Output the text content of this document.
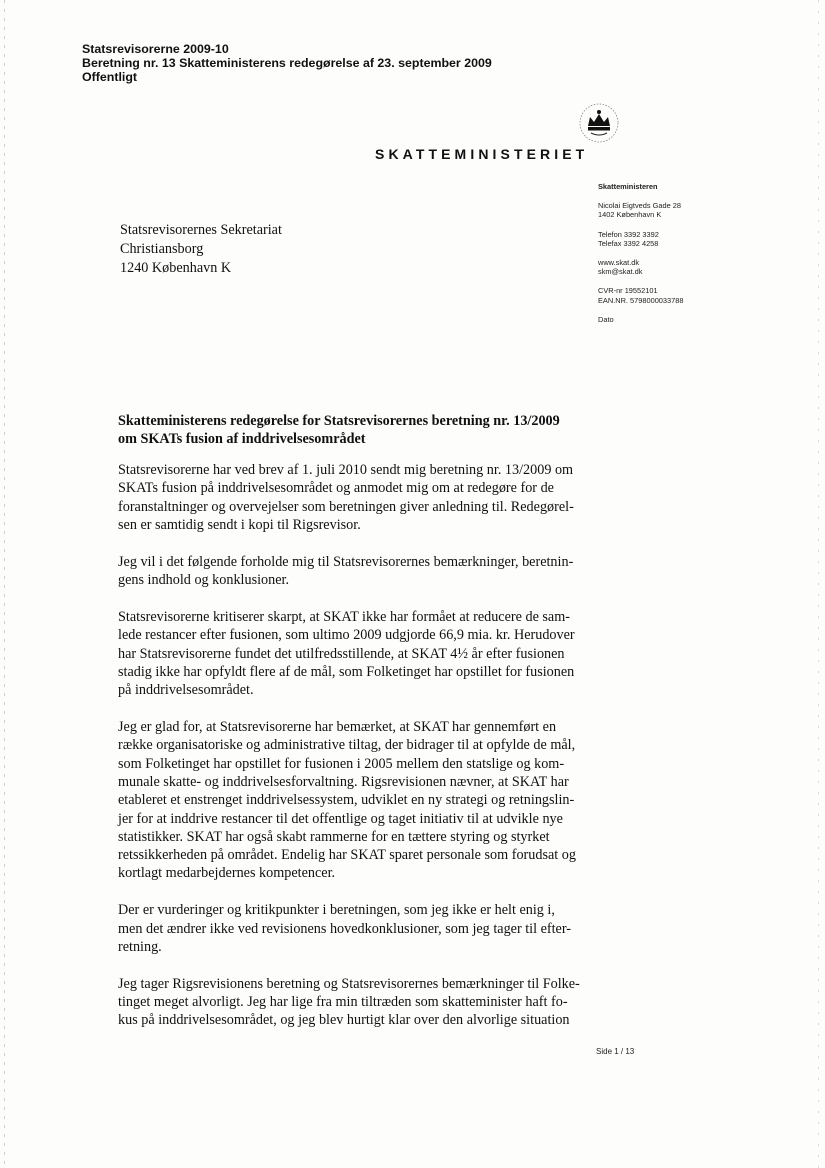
Statsrevisorerne 2009-10
Beretning nr. 13 Skatteministerens redegørelse af 23. september 2009
Offentligt
SKATTEMINISTERIET
Skatteministeren
Nicolai Eigtveds Gade 28
1402 København K
Telefon 3392 3392
Telefax 3392 4258
www.skat.dk
skm@skat.dk
CVR-nr 19552101
EAN.NR. 5798000033788
Dato
Statsrevisorernes Sekretariat
Christiansborg
1240 København K
Skatteministerens redegørelse for Statsrevisorernes beretning nr. 13/2009
om SKATs fusion af inddrivelsesområdet
Statsrevisorerne har ved brev af 1. juli 2010 sendt mig beretning nr. 13/2009 om
SKATs fusion på inddrivelsesområdet og anmodet mig om at redegøre for de
foranstaltninger og overvejelser som beretningen giver anledning til. Redegørel-
sen er samtidig sendt i kopi til Rigsrevisor.
Jeg vil i det følgende forholde mig til Statsrevisorernes bemærkninger, beretnin-
gens indhold og konklusioner.
Statsrevisorerne kritiserer skarpt, at SKAT ikke har formået at reducere de sam-
lede restancer efter fusionen, som ultimo 2009 udgjorde 66,9 mia. kr. Herudover
har Statsrevisorerne fundet det utilfredsstillende, at SKAT 4½ år efter fusionen
stadig ikke har opfyldt flere af de mål, som Folketinget har opstillet for fusionen
på inddrivelsesområdet.
Jeg er glad for, at Statsrevisorerne har bemærket, at SKAT har gennemført en
række organisatoriske og administrative tiltag, der bidrager til at opfylde de mål,
som Folketinget har opstillet for fusionen i 2005 mellem den statslige og kom-
munale skatte- og inddrivelsesforvaltning. Rigsrevisionen nævner, at SKAT har
etableret et enstrenget inddrivelsessystem, udviklet en ny strategi og retningslin-
jer for at inddrive restancer til det offentlige og taget initiativ til at udvikle nye
statistikker. SKAT har også skabt rammerne for en tættere styring og styrket
retssikkerheden på området. Endelig har SKAT sparet personale som forudsat og
kortlagt medarbejdernes kompetencer.
Der er vurderinger og kritikpunkter i beretningen, som jeg ikke er helt enig i,
men det ændrer ikke ved revisionens hovedkonklusioner, som jeg tager til efter-
retning.
Jeg tager Rigsrevisionens beretning og Statsrevisorernes bemærkninger til Folke-
tinget meget alvorligt. Jeg har lige fra min tiltræden som skatteminister haft fo-
kus på inddrivelsesområdet, og jeg blev hurtigt klar over den alvorlige situation
Side 1 / 13
